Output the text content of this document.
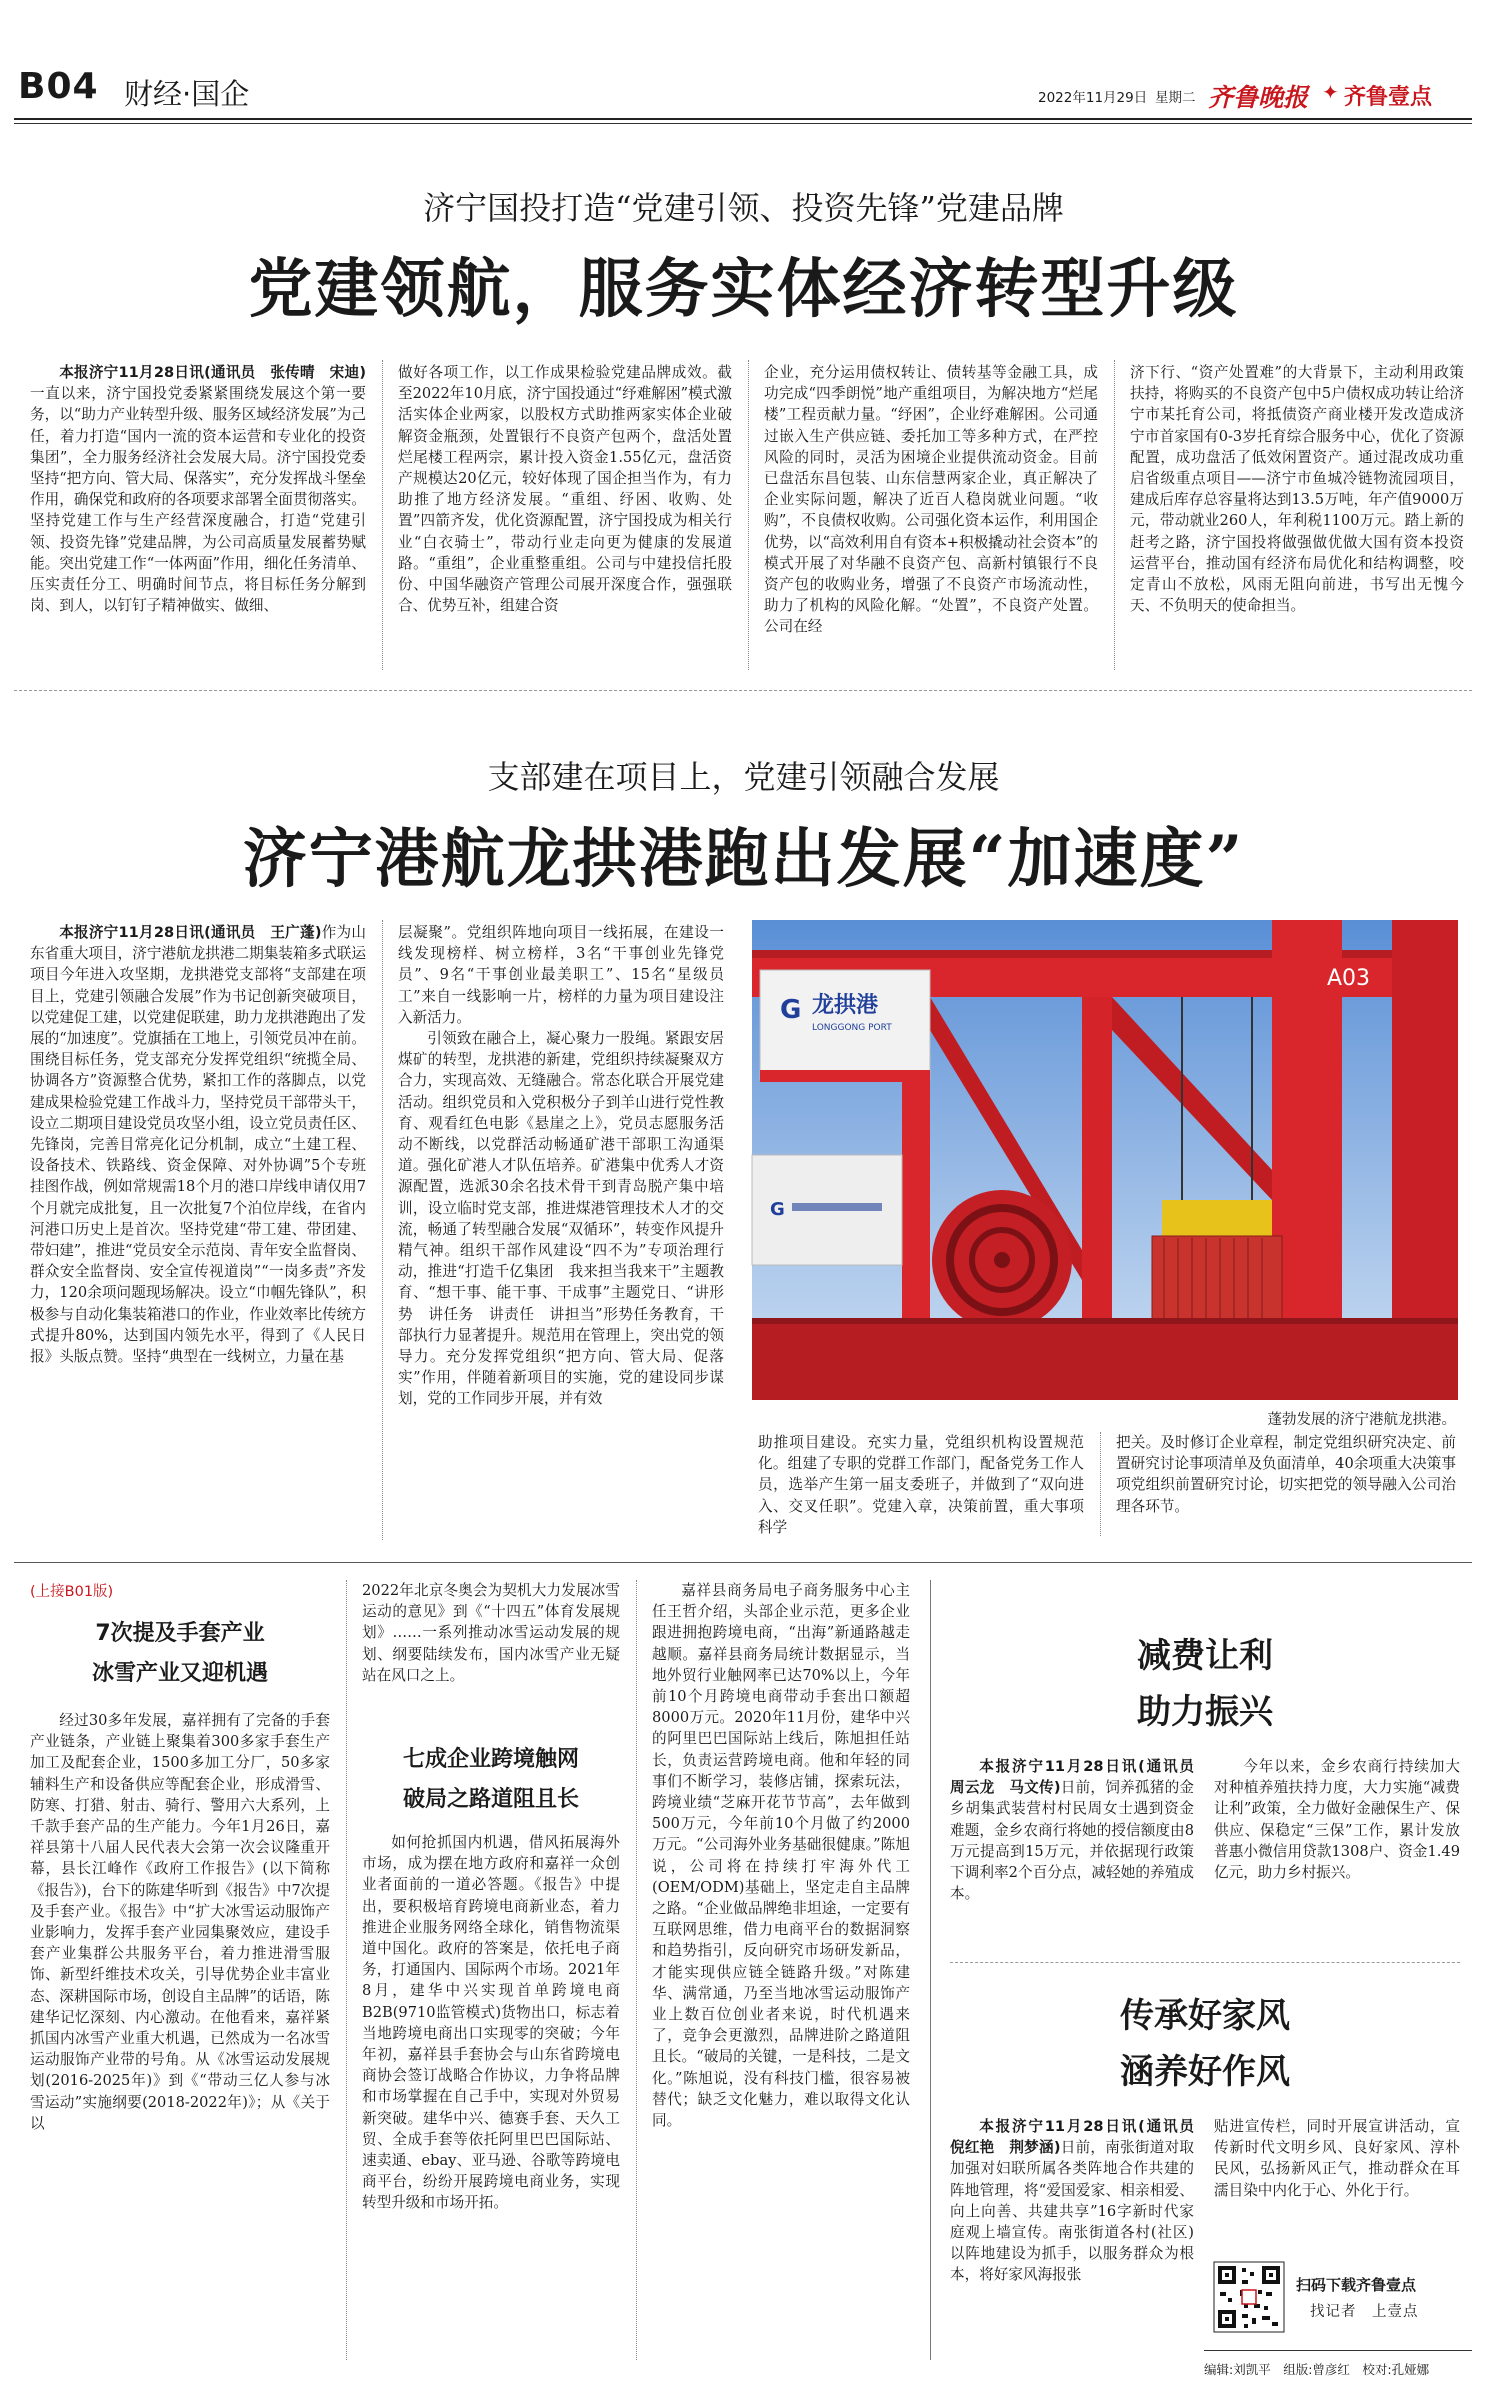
B04 财经·国企	2022年11月29日 星期二 齐鲁晚报 ✦ 齐鲁壹点
济宁国投打造“党建引领、投资先锋”党建品牌
党建领航，服务实体经济转型升级

本报济宁11月28日讯(通讯员　张传晴　宋迪)一直以来，济宁国投党委紧紧围绕发展这个第一要务，以“助力产业转型升级、服务区域经济发展”为己任，着力打造“国内一流的资本运营和专业化的投资集团”，全力服务经济社会发展大局。济宁国投党委坚持“把方向、管大局、保落实”，充分发挥战斗堡垒作用，确保党和政府的各项要求部署全面贯彻落实。坚持党建工作与生产经营深度融合，打造“党建引领、投资先锋”党建品牌，为公司高质量发展蓄势赋能。突出党建工作“一体两面”作用，细化任务清单、压实责任分工、明确时间节点，将目标任务分解到岗、到人，以钉钉子精神做实、做细、

做好各项工作，以工作成果检验党建品牌成效。截至2022年10月底，济宁国投通过“纾难解困”模式激活实体企业两家，以股权方式助推两家实体企业破解资金瓶颈，处置银行不良资产包两个，盘活处置烂尾楼工程两宗，累计投入资金1.55亿元，盘活资产规模达20亿元，较好体现了国企担当作为，有力助推了地方经济发展。“重组、纾困、收购、处置”四箭齐发，优化资源配置，济宁国投成为相关行业“白衣骑士”，带动行业走向更为健康的发展道路。“重组”，企业重整重组。公司与中建投信托股份、中国华融资产管理公司展开深度合作，强强联合、优势互补，组建合资

企业，充分运用债权转让、债转基等金融工具，成功完成“四季朗悦”地产重组项目，为解决地方“烂尾楼”工程贡献力量。“纾困”，企业纾难解困。公司通过嵌入生产供应链、委托加工等多种方式，在严控风险的同时，灵活为困境企业提供流动资金。目前已盘活东昌包装、山东信慧两家企业，真正解决了企业实际问题，解决了近百人稳岗就业问题。“收购”，不良债权收购。公司强化资本运作，利用国企优势，以“高效利用自有资本+积极撬动社会资本”的模式开展了对华融不良资产包、高新村镇银行不良资产包的收购业务，增强了不良资产市场流动性，助力了机构的风险化解。“处置”，不良资产处置。公司在经

济下行、“资产处置难”的大背景下，主动利用政策扶持，将购买的不良资产包中5户债权成功转让给济宁市某托育公司，将抵债资产商业楼开发改造成济宁市首家国有0-3岁托育综合服务中心，优化了资源配置，成功盘活了低效闲置资产。通过混改成功重启省级重点项目——济宁市鱼城冷链物流园项目，建成后库存总容量将达到13.5万吨，年产值9000万元，带动就业260人，年利税1100万元。踏上新的赶考之路，济宁国投将做强做优做大国有资本投资运营平台，推动国有经济布局优化和结构调整，咬定青山不放松，风雨无阻向前进，书写出无愧今天、不负明天的使命担当。

支部建在项目上，党建引领融合发展
济宁港航龙拱港跑出发展“加速度”

本报济宁11月28日讯(通讯员　王广蓬)作为山东省重大项目，济宁港航龙拱港二期集装箱多式联运项目今年进入攻坚期，龙拱港党支部将“支部建在项目上，党建引领融合发展”作为书记创新突破项目，以党建促工建，以党建促联建，助力龙拱港跑出了发展的“加速度”。党旗插在工地上，引领党员冲在前。围绕目标任务，党支部充分发挥党组织“统揽全局、协调各方”资源整合优势，紧扣工作的落脚点，以党建成果检验党建工作战斗力，坚持党员干部带头干，设立二期项目建设党员攻坚小组，设立党员责任区、先锋岗，完善目常亮化记分机制，成立“土建工程、设备技术、铁路线、资金保障、对外协调”5个专班挂图作战，例如常规需18个月的港口岸线申请仅用7个月就完成批复，且一次批复7个泊位岸线，在省内河港口历史上是首次。坚持党建“带工建、带团建、带妇建”，推进“党员安全示范岗、青年安全监督岗、群众安全监督岗、安全宣传视道岗”“一岗多责”齐发力，120余项问题现场解决。设立“巾帼先锋队”，积极参与自动化集装箱港口的作业，作业效率比传统方式提升80%，达到国内领先水平，得到了《人民日报》头版点赞。坚持“典型在一线树立，力量在基

层凝聚”。党组织阵地向项目一线拓展，在建设一线发现榜样、树立榜样，3名“干事创业先锋党员”、9名“干事创业最美职工”、15名“星级员工”来自一线影响一片，榜样的力量为项目建设注入新活力。

引领致在融合上，凝心聚力一股绳。紧跟安居煤矿的转型，龙拱港的新建，党组织持续凝聚双方合力，实现高效、无缝融合。常态化联合开展党建活动。组织党员和入党积极分子到羊山进行党性教育、观看红色电影《悬崖之上》，党员志愿服务活动不断线，以党群活动畅通矿港干部职工沟通渠道。强化矿港人才队伍培养。矿港集中优秀人才资源配置，选派30余名技术骨干到青岛脱产集中培训，设立临时党支部，推进煤港管理技术人才的交流，畅通了转型融合发展“双循环”，转变作风提升精气神。组织干部作风建设“四不为”专项治理行动，推进“打造千亿集团　我来担当我来干”主题教育、“想干事、能干事、干成事”主题党日、“讲形势　讲任务　讲责任　讲担当”形势任务教育，干部执行力显著提升。规范用在管理上，突出党的领导力。充分发挥党组织“把方向、管大局、促落实”作用，伴随着新项目的实施，党的建设同步谋划，党的工作同步开展，并有效

G 龙拱港
LONGGONG PORT
A03
G
蓬勃发展的济宁港航龙拱港。

助推项目建设。充实力量，党组织机构设置规范化。组建了专职的党群工作部门，配备党务工作人员，选举产生第一届支委班子，并做到了“双向进入、交叉任职”。党建入章，决策前置，重大事项科学

把关。及时修订企业章程，制定党组织研究决定、前置研究讨论事项清单及负面清单，40余项重大决策事项党组织前置研究讨论，切实把党的领导融入公司治理各环节。

(上接B01版)
7次提及手套产业
冰雪产业又迎机遇

经过30多年发展，嘉祥拥有了完备的手套产业链条，产业链上聚集着300多家手套生产加工及配套企业，1500多加工分厂，50多家辅料生产和设备供应等配套企业，形成滑雪、防寒、打猎、射击、骑行、警用六大系列，上千款手套产品的生产能力。今年1月26日，嘉祥县第十八届人民代表大会第一次会议隆重开幕，县长江峰作《政府工作报告》(以下简称《报告》)，台下的陈建华听到《报告》中7次提及手套产业。《报告》中“扩大冰雪运动服饰产业影响力，发挥手套产业园集聚效应，建设手套产业集群公共服务平台，着力推进滑雪服饰、新型纤维技术攻关，引导优势企业丰富业态、深耕国际市场，创设自主品牌”的话语，陈建华记忆深刻、内心激动。在他看来，嘉祥紧抓国内冰雪产业重大机遇，已然成为一名冰雪运动服饰产业带的号角。从《冰雪运动发展规划(2016-2025年)》到《“带动三亿人参与冰雪运动”实施纲要(2018-2022年)》；从《关于以

2022年北京冬奥会为契机大力发展冰雪运动的意见》到《“十四五”体育发展规划》……一系列推动冰雪运动发展的规划、纲要陆续发布，国内冰雪产业无疑站在风口之上。

七成企业跨境触网
破局之路道阻且长

如何抢抓国内机遇，借风拓展海外市场，成为摆在地方政府和嘉祥一众创业者面前的一道必答题。《报告》中提出，要积极培育跨境电商新业态，着力推进企业服务网络全球化，销售物流渠道中国化。政府的答案是，依托电子商务，打通国内、国际两个市场。2021年8月，建华中兴实现首单跨境电商B2B(9710监管模式)货物出口，标志着当地跨境电商出口实现零的突破；今年年初，嘉祥县手套协会与山东省跨境电商协会签订战略合作协议，力争将品牌和市场掌握在自己手中，实现对外贸易新突破。建华中兴、德赛手套、天久工贸、全成手套等依托阿里巴巴国际站、速卖通、ebay、亚马逊、谷歌等跨境电商平台，纷纷开展跨境电商业务，实现转型升级和市场开拓。

嘉祥县商务局电子商务服务中心主任王哲介绍，头部企业示范，更多企业跟进拥抱跨境电商，“出海”新通路越走越顺。嘉祥县商务局统计数据显示，当地外贸行业触网率已达70%以上，今年前10个月跨境电商带动手套出口额超8000万元。2020年11月份，建华中兴的阿里巴巴国际站上线后，陈旭担任站长，负责运营跨境电商。他和年轻的同事们不断学习，装修店铺，探索玩法，跨境业绩“芝麻开花节节高”，去年做到500万元，今年前10个月做了约2000万元。“公司海外业务基础很健康。”陈旭说，公司将在持续打牢海外代工(OEM/ODM)基础上，坚定走自主品牌之路。“企业做品牌绝非坦途，一定要有互联网思维，借力电商平台的数据洞察和趋势指引，反向研究市场研发新品，才能实现供应链全链路升级。”对陈建华、满常通，乃至当地冰雪运动服饰产业上数百位创业者来说，时代机遇来了，竞争会更激烈，品牌进阶之路道阻且长。“破局的关键，一是科技，二是文化。”陈旭说，没有科技门槛，很容易被替代；缺乏文化魅力，难以取得文化认同。

减费让利
助力振兴

本报济宁11月28日讯(通讯员　周云龙　马文传)日前，饲养孤猪的金乡胡集武装营村村民周女士遇到资金难题，金乡农商行将她的授信额度由8万元提高到15万元，并依据现行政策下调利率2个百分点，减轻她的养殖成本。

今年以来，金乡农商行持续加大对种植养殖扶持力度，大力实施“减费让利”政策，全力做好金融保生产、保供应、保稳定“三保”工作，累计发放普惠小微信用贷款1308户、资金1.49亿元，助力乡村振兴。

传承好家风
涵养好作风

本报济宁11月28日讯(通讯员　倪红艳　荆梦涵)日前，南张街道对取加强对妇联所属各类阵地合作共建的阵地管理，将“爱国爱家、相亲相爱、向上向善、共建共享”16字新时代家庭观上墙宣传。南张街道各村(社区)以阵地建设为抓手，以服务群众为根本，将好家风海报张

贴进宣传栏，同时开展宣讲活动，宣传新时代文明乡风、良好家风、淳朴民风，弘扬新风正气，推动群众在耳濡目染中内化于心、外化于行。

扫码下载齐鲁壹点
找记者　上壹点
编辑:刘凯平　组版:曾彦红　校对:孔娅娜
